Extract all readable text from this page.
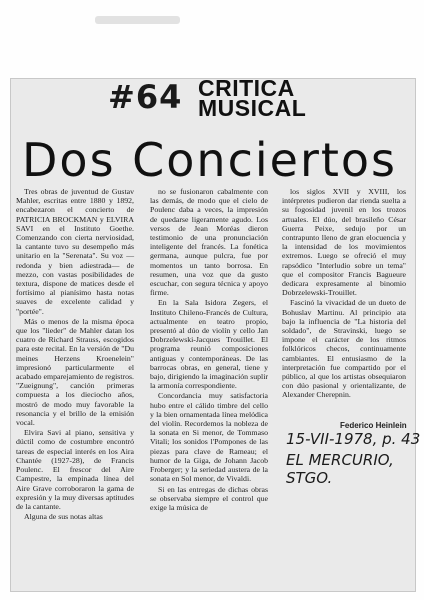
#64 CRITICA
MUSICAL
Dos Conciertos

Tres obras de juventud de Gustav Mahler, escritas entre 1880 y 1892, encabezaron el concierto de PATRICIA BROCKMAN y ELVIRA SAVI en el Instituto Goethe. Comenzando con cierta nerviosidad, la cantante tuvo su desempeño más unitario en la "Serenata". Su voz —redonda y bien adiestrada— de mezzo, con vastas posibilidades de textura, dispone de matices desde el fortísimo al pianísimo hasta notas suaves de excelente calidad y "portée".

Más o menos de la misma época que los "lieder" de Mahler datan los cuatro de Richard Strauss, escogidos para este recital. En la versión de "Du meines Herzens Kroenelein" impresionó particularmente el acabado emparejamiento de registros. "Zueignung", canción primeras compuesta a los dieciocho años, mostró de modo muy favorable la resonancia y el brillo de la emisión vocal.

Elvira Savi al piano, sensitiva y dúctil como de costumbre encontró tareas de especial interés en los Aira Chantée (1927-28), de Francis Poulenc. El frescor del Aire Campestre, la empinada línea del Aire Grave corroboraron la gama de expresión y la muy diversas aptitudes de la cantante.

Alguna de sus notas altas

no se fusionaron cabalmente con las demás, de modo que el cielo de Poulenc daba a veces, la impresión de quedarse ligeramente agudo. Los versos de Jean Moréas dieron testimonio de una pronunciación inteligente del francés. La fonética germana, aunque pulcra, fue por momentos un tanto borrosa. En resumen, una voz que da gusto escuchar, con segura técnica y apoyo firme.

En la Sala Isidora Zegers, el Instituto Chileno-Francés de Cultura, actualmente en teatro propio, presentó al dúo de violín y cello Jan Dobrzelewski-Jacques Trouillet. El programa reunió composiciones antiguas y contemporáneas. De las barrocas obras, en general, tiene y bajo, dirigiendo la imaginación suplir la armonía correspondiente.

Concordancia muy satisfactoria hubo entre el cálido timbre del cello y la bien ornamentada línea melódica del violín. Recordemos la nobleza de la sonata en Si menor, de Tommaso Vitali; los sonidos l'Pompones de las piezas para clave de Rameau; el humor de la Giga, de Johann Jacob Froberger; y la seriedad austera de la sonata en Sol menor, de Vivaldi.

Si en las entregas de dichas obras se observaba siempre el control que exige la música de

los siglos XVII y XVIII, los intérpretes pudieron dar rienda suelta a su fogosidad juvenil en los trozos artuales. El dúo, del brasileño César Guerra Peixe, sedujo por un contrapunto lleno de gran elocuencia y la intensidad de los movimientos extremos. Luego se ofreció el muy rapsódico "Interludio sobre un tema" que el compositor Francis Bagueure dedicara expresamente al binomio Dobrzelewski-Trouillet.

Fascinó la vivacidad de un dueto de Bohuslav Martinu. Al principio ata bajo la influencia de "La historia del soldado", de Stravinski, luego se impone el carácter de los ritmos folklóricos checos, continuamente cambiantes. El entusiasmo de la interpretación fue compartido por el público, al que los artistas obsequiaron con dúo pasional y orientalizante, de Alexander Cherepnin.

Federico Heinlein
15-VII-1978, p. 43
EL MERCURIO, STGO.
